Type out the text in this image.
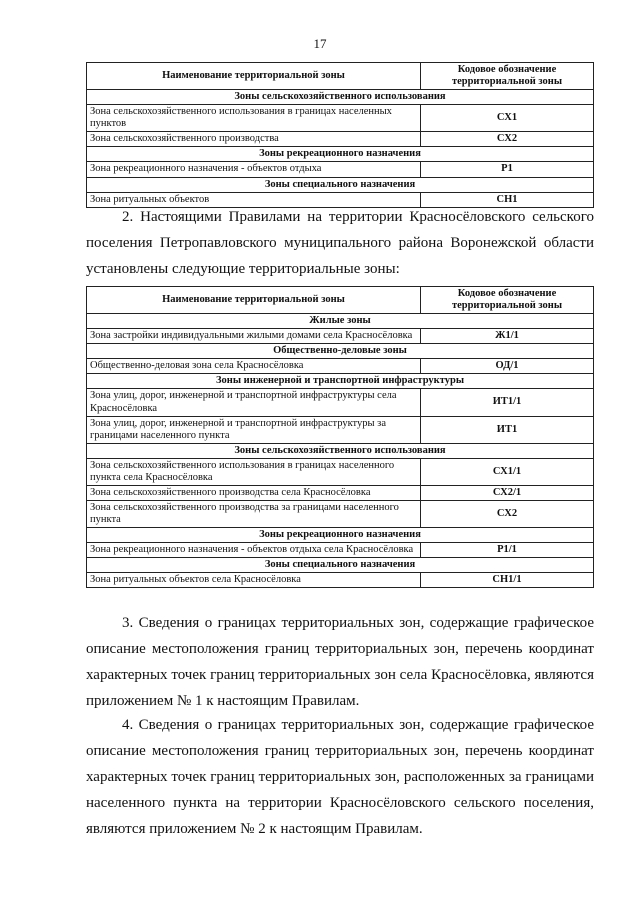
17
Наименование территориальной зоны	Кодовое обозначение территориальной зоны
Зоны сельскохозяйственного использования	
Зона сельскохозяйственного использования в границах населенных пунктов	СХ1
Зона сельскохозяйственного производства	СХ2
Зоны рекреационного назначения	
Зона рекреационного назначения - объектов отдыха	Р1
Зоны специального назначения	
Зона ритуальных объектов	СН1
2. Настоящими Правилами на территории Красносёловского сельского поселения Петропавловского муниципального района Воронежской области установлены следующие территориальные зоны:
Наименование территориальной зоны	Кодовое обозначение территориальной зоны
Жилые зоны	
Зона застройки индивидуальными жилыми домами села Красносёловка	Ж1/1
Общественно-деловые зоны	
Общественно-деловая зона села Красносёловка	ОД/1
Зоны инженерной и транспортной инфраструктуры	
Зона улиц, дорог, инженерной и транспортной инфраструктуры села Красносёловка	ИТ1/1
Зона улиц, дорог, инженерной и транспортной инфраструктуры за границами населенного пункта	ИТ1
Зоны сельскохозяйственного использования	
Зона сельскохозяйственного использования в границах населенного пункта села Красносёловка	СХ1/1
Зона сельскохозяйственного производства села Красносёловка	СХ2/1
Зона сельскохозяйственного производства за границами населенного пункта	СХ2
Зоны рекреационного назначения	
Зона рекреационного назначения - объектов отдыха села Красносёловка	Р1/1
Зоны специального назначения	
Зона ритуальных объектов села Красносёловка	СН1/1
3. Сведения о границах территориальных зон, содержащие графическое описание местоположения границ территориальных зон, перечень координат характерных точек границ территориальных зон села Красносёловка, являются приложением № 1 к настоящим Правилам.
4. Сведения о границах территориальных зон, содержащие графическое описание местоположения границ территориальных зон, перечень координат характерных точек границ территориальных зон, расположенных за границами населенного пункта на территории Красносёловского сельского поселения, являются приложением № 2 к настоящим Правилам.
